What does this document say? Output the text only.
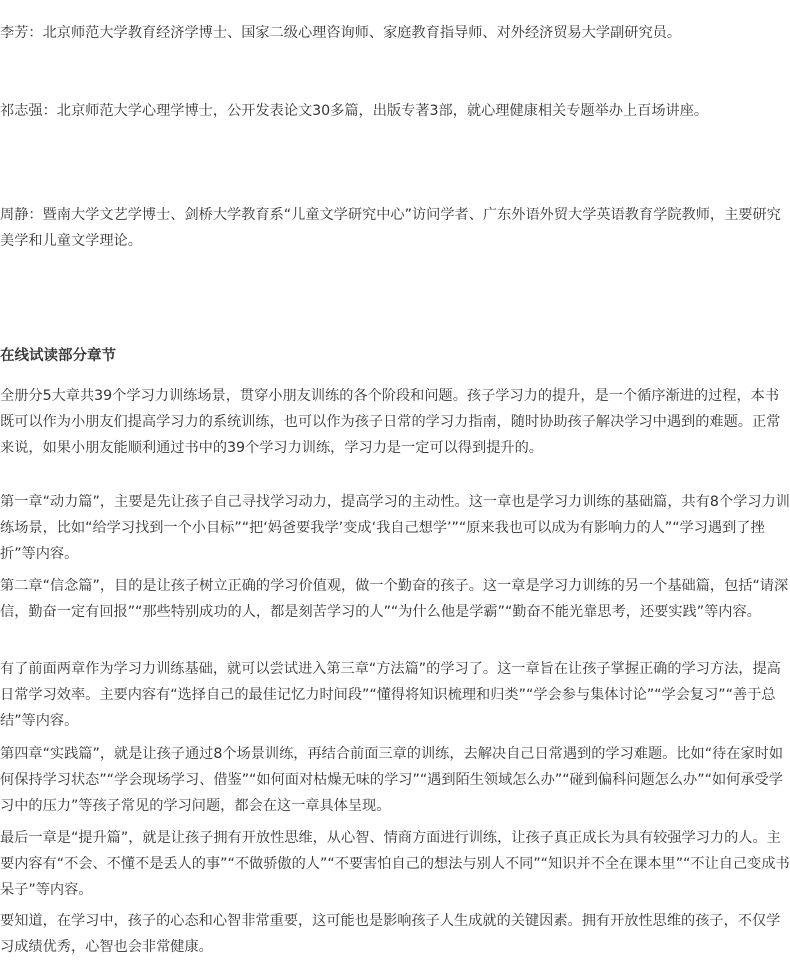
李芳：北京师范大学教育经济学博士、国家二级心理咨询师、家庭教育指导师、对外经济贸易大学副研究员。

祁志强：北京师范大学心理学博士，公开发表论文30多篇，出版专著3部，就心理健康相关专题举办上百场讲座。

周静：暨南大学文艺学博士、剑桥大学教育系“儿童文学研究中心”访问学者、广东外语外贸大学英语教育学院教师，主要研究美学和儿童文学理论。

在线试读部分章节

全册分5大章共39个学习力训练场景，贯穿小朋友训练的各个阶段和问题。孩子学习力的提升，是一个循序渐进的过程，本书既可以作为小朋友们提高学习力的系统训练，也可以作为孩子日常的学习力指南，随时协助孩子解决学习中遇到的难题。正常来说，如果小朋友能顺利通过书中的39个学习力训练，学习力是一定可以得到提升的。

第一章“动力篇”，主要是先让孩子自己寻找学习动力，提高学习的主动性。这一章也是学习力训练的基础篇，共有8个学习力训练场景，比如“给学习找到一个小目标”“把‘妈爸要我学’变成‘我自己想学’”“原来我也可以成为有影响力的人”“学习遇到了挫折”等内容。

第二章“信念篇”，目的是让孩子树立正确的学习价值观，做一个勤奋的孩子。这一章是学习力训练的另一个基础篇，包括“请深信，勤奋一定有回报”“那些特别成功的人，都是刻苦学习的人”“为什么他是学霸”“勤奋不能光靠思考，还要实践”等内容。

有了前面两章作为学习力训练基础，就可以尝试进入第三章“方法篇”的学习了。这一章旨在让孩子掌握正确的学习方法，提高日常学习效率。主要内容有“选择自己的最佳记忆力时间段”“懂得将知识梳理和归类”“学会参与集体讨论”“学会复习”“善于总结”等内容。

第四章“实践篇”，就是让孩子通过8个场景训练，再结合前面三章的训练，去解决自己日常遇到的学习难题。比如“待在家时如何保持学习状态”“学会现场学习、借鉴”“如何面对枯燥无味的学习”“遇到陌生领域怎么办”“碰到偏科问题怎么办”“如何承受学习中的压力”等孩子常见的学习问题，都会在这一章具体呈现。

最后一章是“提升篇”，就是让孩子拥有开放性思维，从心智、情商方面进行训练，让孩子真正成长为具有较强学习力的人。主要内容有“不会、不懂不是丢人的事”“不做骄傲的人”“不要害怕自己的想法与别人不同”“知识并不全在课本里”“不让自己变成书呆子”等内容。

要知道，在学习中，孩子的心态和心智非常重要，这可能也是影响孩子人生成就的关键因素。拥有开放性思维的孩子，不仅学习成绩优秀，心智也会非常健康。
